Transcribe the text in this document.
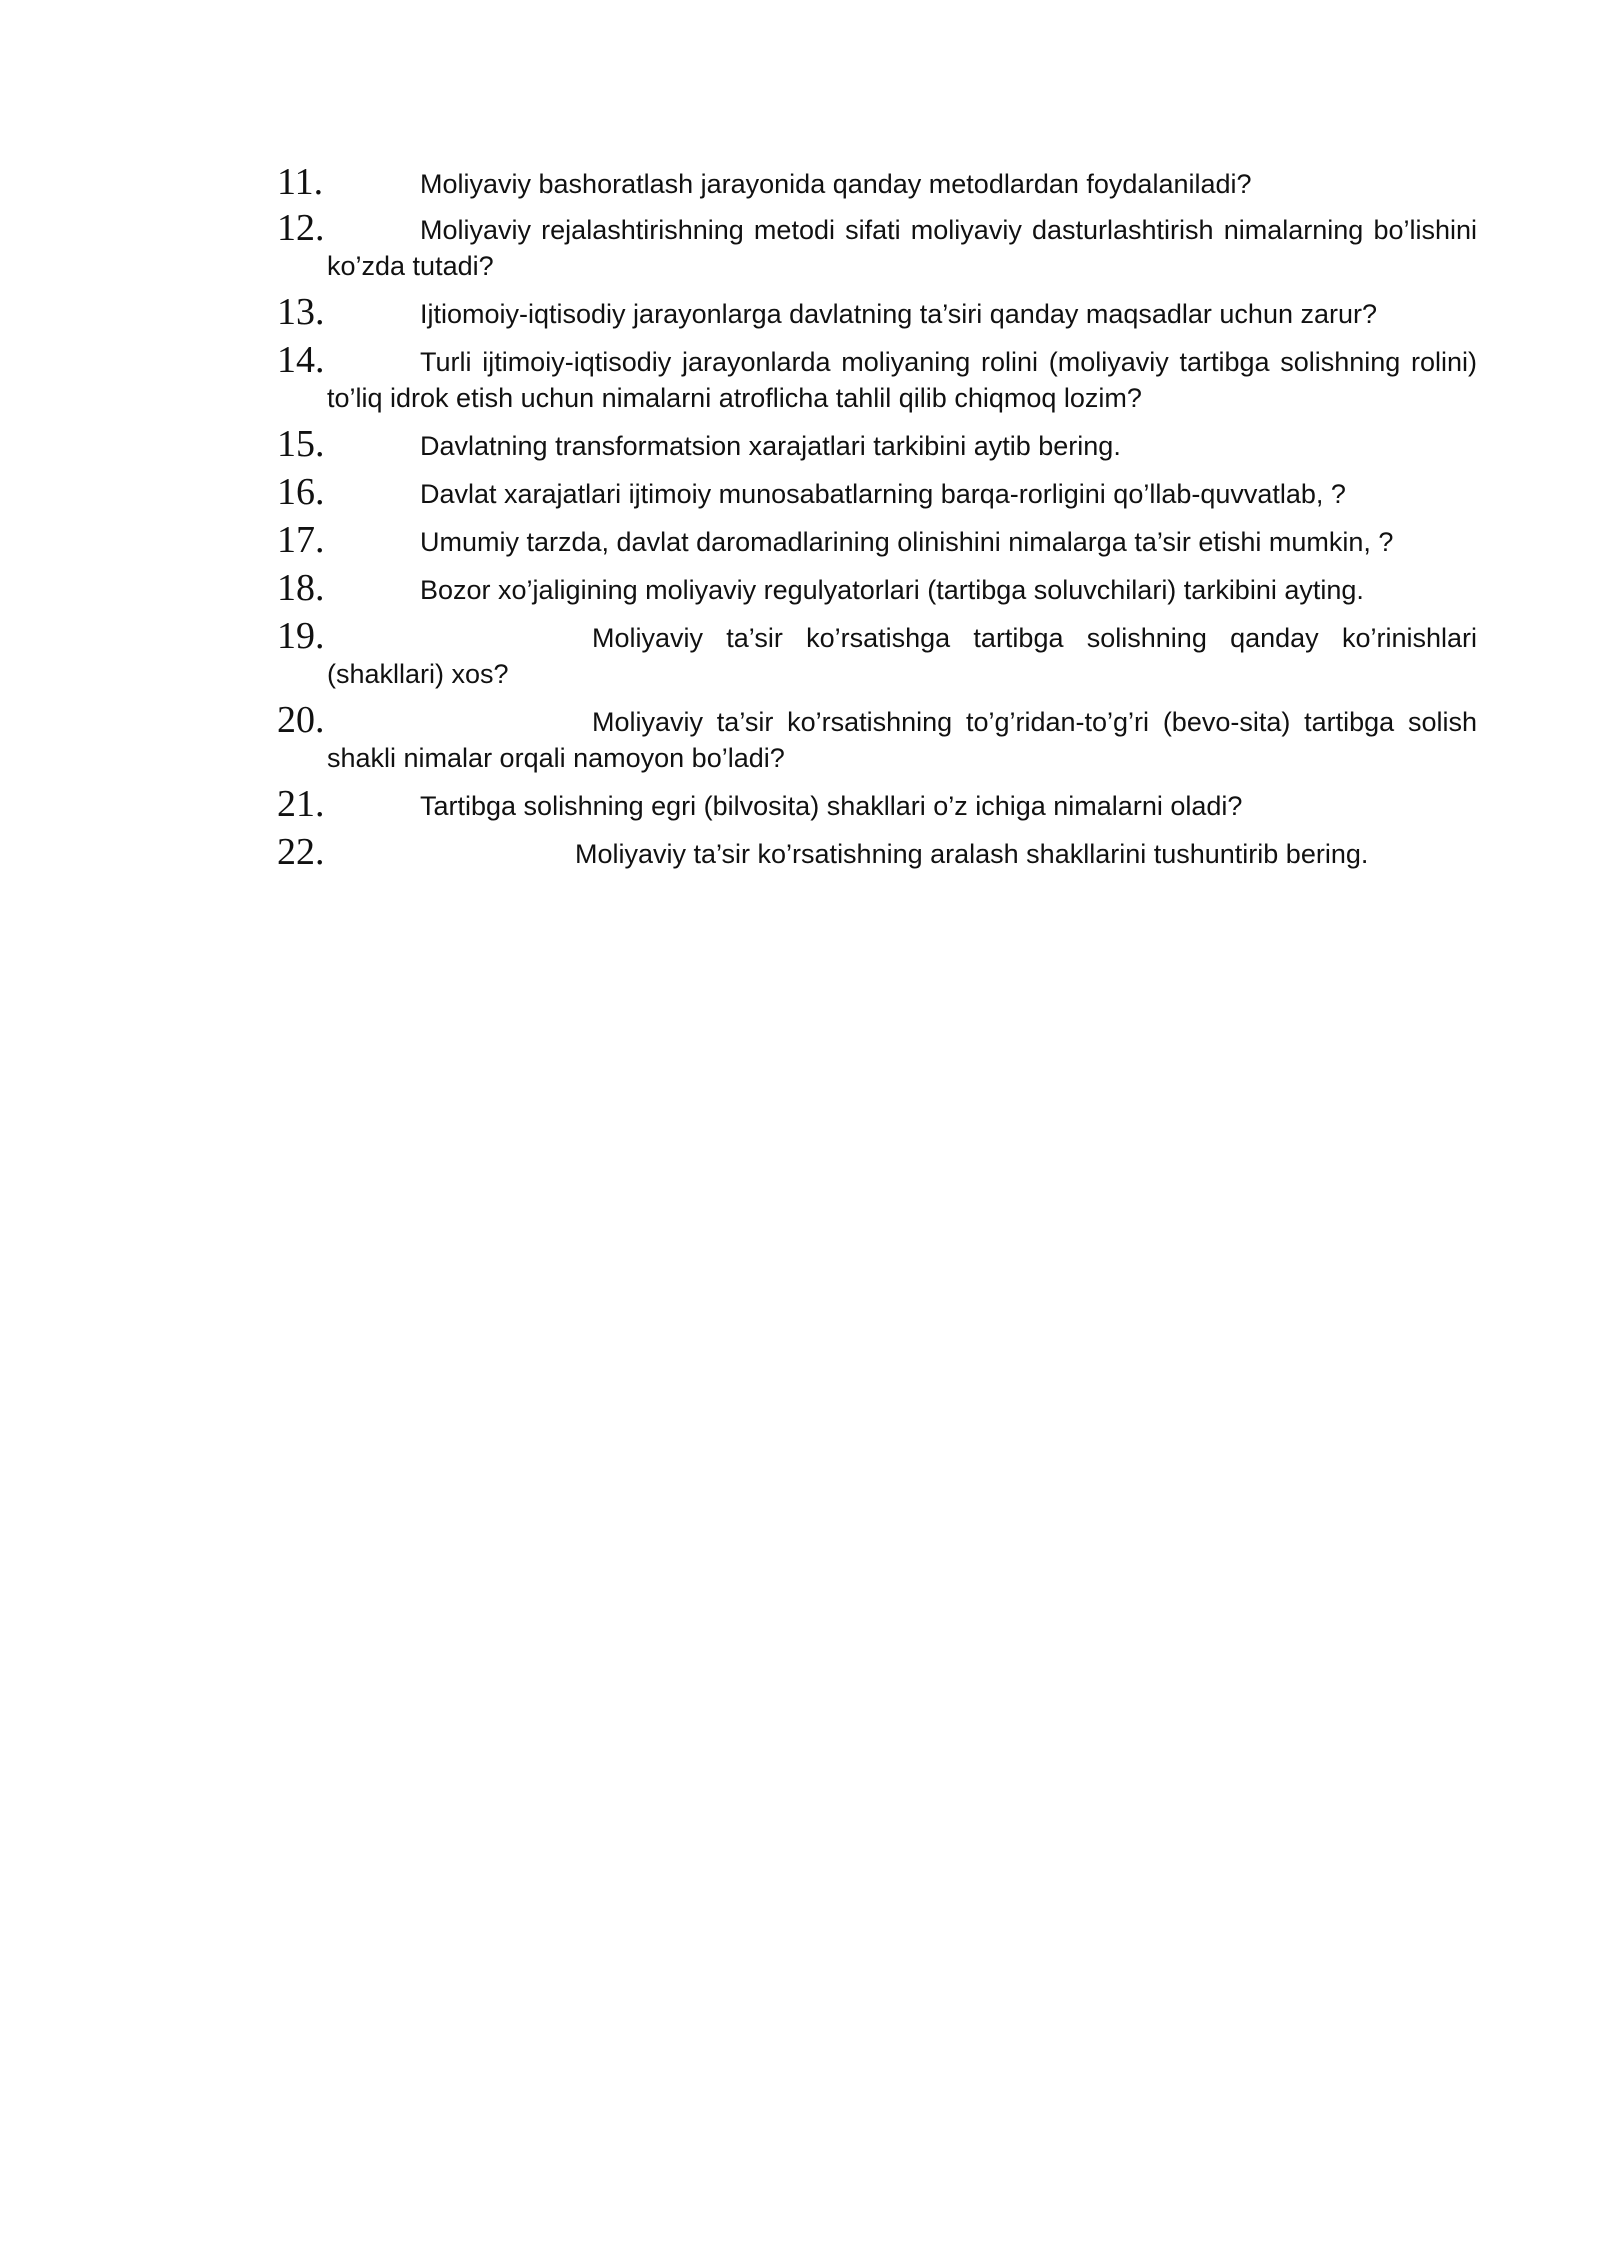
11.	Moliyaviy bashoratlash jarayonida qanday metodlardan foydalaniladi?
12.	Moliyaviy rejalashtirishning metodi sifati moliyaviy dasturlashtirish nimalarning bo’lishini ko’zda tutadi?
13.	Ijtiomoiy-iqtisodiy jarayonlarga davlatning ta’siri qanday maqsadlar uchun zarur?
14.	Turli ijtimoiy-iqtisodiy jarayonlarda moliyaning rolini (moliyaviy tartibga solishning rolini) to’liq idrok etish uchun nimalarni atroflicha tahlil qilib chiqmoq lozim?
15.	Davlatning transformatsion xarajatlari tarkibini aytib bering.
16.	Davlat xarajatlari ijtimoiy munosabatlarning barqa-rorligini qo’llab-quvvatlab, ?
17.	Umumiy tarzda, davlat daromadlarining olinishini nimalarga ta’sir etishi mumkin, ?
18.	Bozor xo’jaligining moliyaviy regulyatorlari (tartibga soluvchilari) tarkibini ayting.
19.	Moliyaviy ta’sir ko’rsatishga tartibga solishning qanday ko’rinishlari (shakllari) xos?
20.	Moliyaviy ta’sir ko’rsatishning to’g’ridan-to’g’ri (bevo-sita) tartibga solish shakli nimalar orqali namoyon bo’ladi?
21.	Tartibga solishning egri (bilvosita) shakllari o’z ichiga nimalarni oladi?
22.	Moliyaviy ta’sir ko’rsatishning aralash shakllarini tushuntirib bering.
